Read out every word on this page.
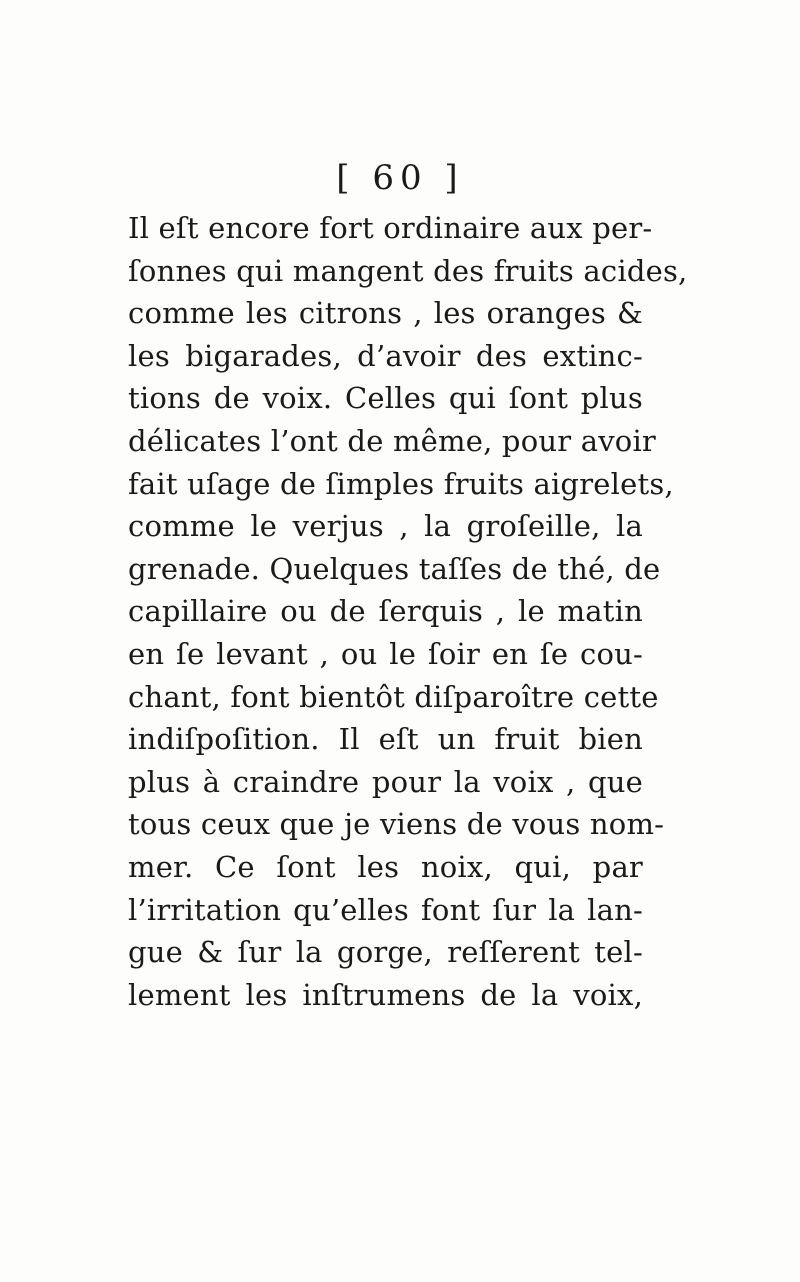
[ 60 ]
Il eſt encore fort ordinaire aux per-
ſonnes qui mangent des fruits acides,
comme les citrons , les oranges &
les bigarades, d’avoir des extinc-
tions de voix. Celles qui ſont plus
délicates l’ont de même, pour avoir
fait uſage de ſimples fruits aigrelets,
comme le verjus , la groſeille, la
grenade. Quelques taſſes de thé, de
capillaire ou de ſerquis , le matin
en ſe levant , ou le ſoir en ſe cou-
chant, font bientôt diſparoître cette
indiſpoſition. Il eſt un fruit bien
plus à craindre pour la voix , que
tous ceux que je viens de vous nom-
mer. Ce ſont les noix, qui, par
l’irritation qu’elles font ſur la lan-
gue & ſur la gorge, reſſerent tel-
lement les inſtrumens de la voix,
